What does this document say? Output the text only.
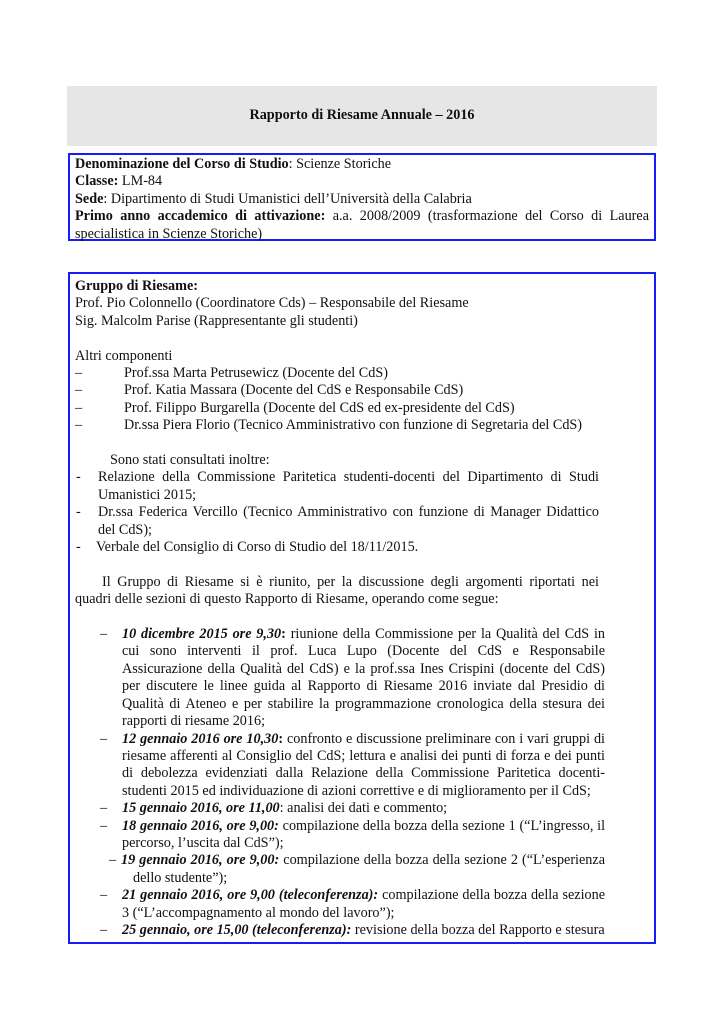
Rapporto di Riesame Annuale – 2016
Denominazione del Corso di Studio: Scienze Storiche
Classe: LM-84
Sede: Dipartimento di Studi Umanistici dell’Università della Calabria
Primo anno accademico di attivazione: a.a. 2008/2009 (trasformazione del Corso di Laurea specialistica in Scienze Storiche)
Gruppo di Riesame:
Prof. Pio Colonnello (Coordinatore Cds) – Responsabile del Riesame
Sig. Malcolm Parise (Rappresentante gli studenti)
Altri componenti
–	Prof.ssa Marta Petrusewicz (Docente del CdS)
–	Prof. Katia Massara (Docente del CdS e Responsabile CdS)
–	Prof. Filippo Burgarella (Docente del CdS ed ex-presidente del CdS)
–	Dr.ssa Piera Florio (Tecnico Amministrativo con funzione di Segretaria del CdS)
Sono stati consultati inoltre:
-	Relazione della Commissione Paritetica studenti-docenti del Dipartimento di Studi Umanistici 2015;
-	Dr.ssa Federica Vercillo (Tecnico Amministrativo con funzione di Manager Didattico del CdS);
-	Verbale del Consiglio di Corso di Studio del 18/11/2015.
Il Gruppo di Riesame si è riunito, per la discussione degli argomenti riportati nei quadri delle sezioni di questo Rapporto di Riesame, operando come segue:
–	10 dicembre 2015 ore 9,30: riunione della Commissione per la Qualità del CdS in cui sono interventi il prof. Luca Lupo (Docente del CdS e Responsabile Assicurazione della Qualità del CdS) e la prof.ssa Ines Crispini (docente del CdS) per discutere le linee guida al Rapporto di Riesame 2016 inviate dal Presidio di Qualità di Ateneo e per stabilire la programmazione cronologica della stesura dei rapporti di riesame 2016;
–	12 gennaio 2016 ore 10,30: confronto e discussione preliminare con i vari gruppi di riesame afferenti al Consiglio del CdS; lettura e analisi dei punti di forza e dei punti di debolezza evidenziati dalla Relazione della Commissione Paritetica docenti-studenti 2015 ed individuazione di azioni correttive e di miglioramento per il CdS;
–	15 gennaio 2016, ore 11,00: analisi dei dati e commento;
–	18 gennaio 2016, ore 9,00: compilazione della bozza della sezione 1 (“L’ingresso, il percorso, l’uscita dal CdS”);
– 19 gennaio 2016, ore 9,00: compilazione della bozza della sezione 2 (“L’esperienza dello studente”);
–	21 gennaio 2016, ore 9,00 (teleconferenza): compilazione della bozza della sezione 3 (“L’accompagnamento al mondo del lavoro”);
–	25 gennaio, ore 15,00 (teleconferenza): revisione della bozza del Rapporto e stesura
